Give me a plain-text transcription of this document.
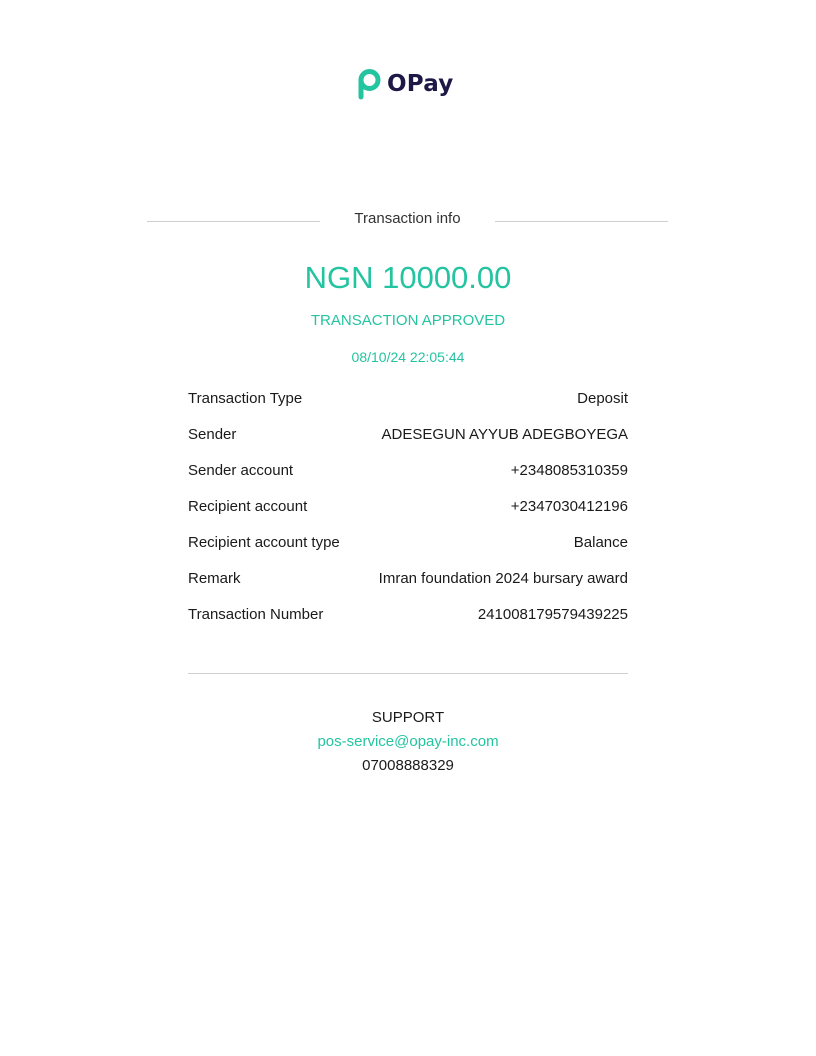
OPay
Transaction info
NGN 10000.00
TRANSACTION APPROVED
08/10/24 22:05:44
Transaction Type	Deposit
Sender	ADESEGUN AYYUB ADEGBOYEGA
Sender account	+2348085310359
Recipient account	+2347030412196
Recipient account type	Balance
Remark	Imran foundation 2024 bursary award
Transaction Number	241008179579439225
SUPPORT
pos-service@opay-inc.com
07008888329
